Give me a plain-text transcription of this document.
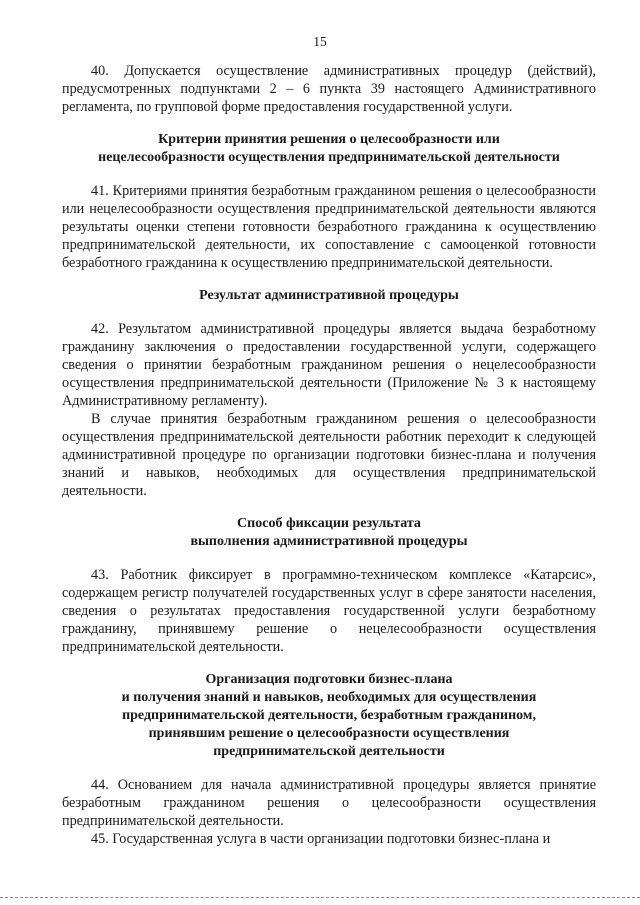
15

40. Допускается осуществление административных процедур (действий), предусмотренных подпунктами 2 – 6 пункта 39 настоящего Административного регламента, по групповой форме предоставления государственной услуги.

Критерии принятия решения о целесообразности или

нецелесообразности осуществления предпринимательской деятельности

41. Критериями принятия безработным гражданином решения о целесообразности или нецелесообразности осуществления предпринимательской деятельности являются результаты оценки степени готовности безработного гражданина к осуществлению предпринимательской деятельности, их сопоставление с самооценкой готовности безработного гражданина к осуществлению предпринимательской деятельности.

Результат административной процедуры

42. Результатом административной процедуры является выдача безработному гражданину заключения о предоставлении государственной услуги, содержащего сведения о принятии безработным гражданином решения о нецелесообразности осуществления предпринимательской деятельности (Приложение № 3 к настоящему Административному регламенту).

В случае принятия безработным гражданином решения о целесообразности осуществления предпринимательской деятельности работник переходит к следующей административной процедуре по организации подготовки бизнес-плана и получения знаний и навыков, необходимых для осуществления предпринимательской деятельности.

Способ фиксации результата

выполнения административной процедуры

43. Работник фиксирует в программно-техническом комплексе «Катарсис», содержащем регистр получателей государственных услуг в сфере занятости населения, сведения о результатах предоставления государственной услуги безработному гражданину, принявшему решение о нецелесообразности осуществления предпринимательской деятельности.

Организация подготовки бизнес-плана

и получения знаний и навыков, необходимых для осуществления

предпринимательской деятельности, безработным гражданином,

принявшим решение о целесообразности осуществления

предпринимательской деятельности

44. Основанием для начала административной процедуры является принятие безработным гражданином решения о целесообразности осуществления предпринимательской деятельности.

45. Государственная услуга в части организации подготовки бизнес-плана и
